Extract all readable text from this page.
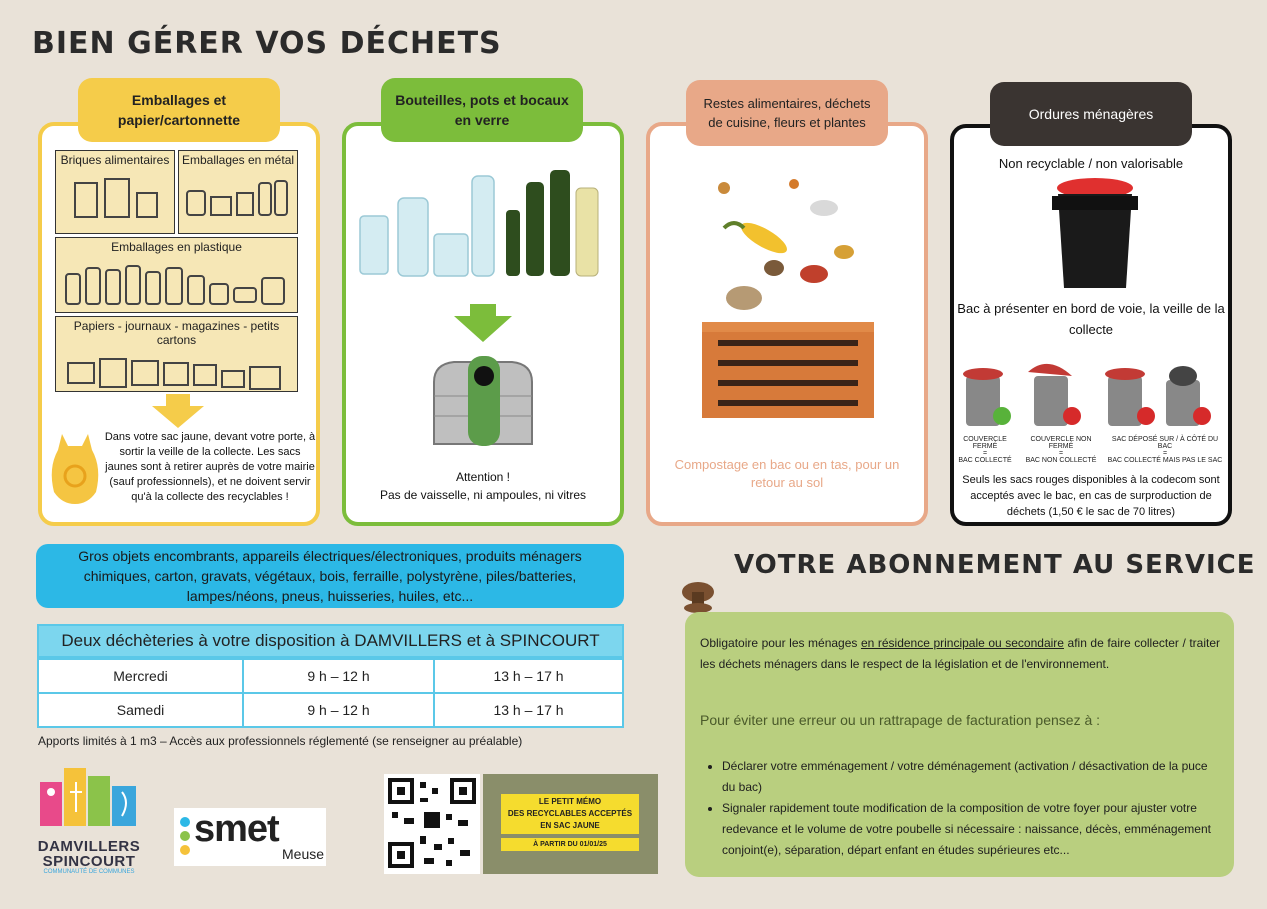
BIEN GÉRER VOS DÉCHETS
Emballages et papier/cartonnette
Briques alimentaires	Emballages en métal
Emballages en plastique
Papiers - journaux - magazines - petits cartons
Dans votre sac jaune, devant votre porte, à sortir la veille de la collecte. Les sacs jaunes sont à retirer auprès de votre mairie (sauf professionnels), et ne doivent servir qu'à la collecte des recyclables !
Bouteilles, pots et bocaux en verre
Attention !
Pas de vaisselle, ni ampoules, ni vitres
Restes alimentaires, déchets de cuisine, fleurs et plantes
Compostage en bac ou en tas, pour un retour au sol
Ordures ménagères
Non recyclable / non valorisable
Bac à présenter en bord de voie, la veille de la collecte
COUVERCLE FERMÉ
=
BAC COLLECTÉ
COUVERCLE NON FERMÉ
=
BAC NON COLLECTÉ
SAC DÉPOSÉ SUR / À CÔTÉ DU BAC
=
BAC COLLECTÉ MAIS PAS LE SAC
Seuls les sacs rouges disponibles à la codecom sont acceptés avec le bac, en cas de surproduction de déchets (1,50 € le sac de 70 litres)
Gros objets encombrants, appareils électriques/électroniques, produits ménagers chimiques, carton, gravats, végétaux, bois, ferraille, polystyrène, piles/batteries, lampes/néons, pneus, huisseries, huiles, etc...
Deux déchèteries à votre disposition à DAMVILLERS et à SPINCOURT
Mercredi	9 h – 12 h	13 h – 17 h
Samedi	9 h – 12 h	13 h – 17 h
Apports limités à 1 m3 – Accès aux professionnels réglementé (se renseigner au préalable)
DAMVILLERS
SPINCOURT
COMMUNAUTÉ DE COMMUNES
smet
Meuse
LE PETIT MÉMO
DES RECYCLABLES ACCEPTÉS
EN SAC JAUNE
À PARTIR DU 01/01/25
VOTRE ABONNEMENT AU SERVICE
Obligatoire pour les ménages en résidence principale ou secondaire afin de faire collecter / traiter les déchets ménagers dans le respect de la législation et de l'environnement.
Pour éviter une erreur ou un rattrapage de facturation pensez à :
• Déclarer votre emménagement / votre déménagement (activation / désactivation de la puce du bac)
• Signaler rapidement toute modification de la composition de votre foyer pour ajuster votre redevance et le volume de votre poubelle si nécessaire : naissance, décès, emménagement conjoint(e), séparation, départ enfant en études supérieures etc...
